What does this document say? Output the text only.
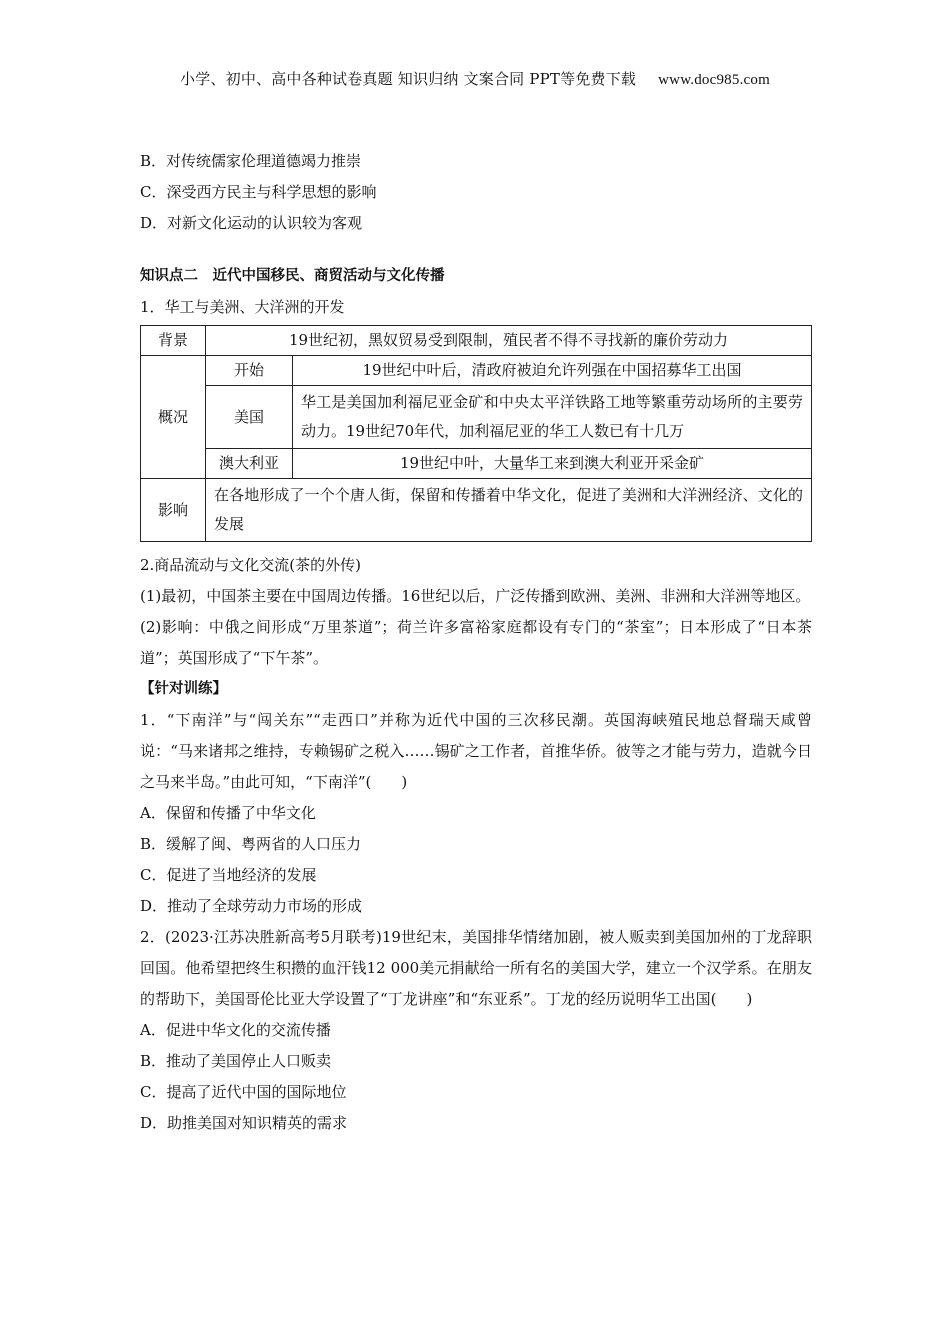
小学、初中、高中各种试卷真题 知识归纳 文案合同 PPT等免费下载 www.doc985.com
B．对传统儒家伦理道德竭力推崇
C．深受西方民主与科学思想的影响
D．对新文化运动的认识较为客观
知识点二　近代中国移民、商贸活动与文化传播
1．华工与美洲、大洋洲的开发
背景	19世纪初，黑奴贸易受到限制，殖民者不得不寻找新的廉价劳动力	
概况	开始	19世纪中叶后，清政府被迫允许列强在中国招募华工出国
	美国	华工是美国加利福尼亚金矿和中央太平洋铁路工地等繁重劳动场所的主要劳动力。19世纪70年代，加利福尼亚的华工人数已有十几万
	澳大利亚	19世纪中叶，大量华工来到澳大利亚开采金矿
影响	在各地形成了一个个唐人街，保留和传播着中华文化，促进了美洲和大洋洲经济、文化的发展	
2.商品流动与文化交流(茶的外传)
(1)最初，中国茶主要在中国周边传播。16世纪以后，广泛传播到欧洲、美洲、非洲和大洋洲等地区。
(2)影响：中俄之间形成“万里茶道”；荷兰许多富裕家庭都设有专门的“茶室”；日本形成了“日本茶道”；英国形成了“下午茶”。
【针对训练】
1．“下南洋”与“闯关东”“走西口”并称为近代中国的三次移民潮。英国海峡殖民地总督瑞天咸曾说：“马来诸邦之维持，专赖锡矿之税入……锡矿之工作者，首推华侨。彼等之才能与劳力，造就今日之马来半岛。”由此可知，“下南洋”(　　)
A．保留和传播了中华文化
B．缓解了闽、粤两省的人口压力
C．促进了当地经济的发展
D．推动了全球劳动力市场的形成
2．(2023·江苏决胜新高考5月联考)19世纪末，美国排华情绪加剧，被人贩卖到美国加州的丁龙辞职回国。他希望把终生积攒的血汗钱12 000美元捐献给一所有名的美国大学，建立一个汉学系。在朋友的帮助下，美国哥伦比亚大学设置了“丁龙讲座”和“东亚系”。丁龙的经历说明华工出国(　　)
A．促进中华文化的交流传播
B．推动了美国停止人口贩卖
C．提高了近代中国的国际地位
D．助推美国对知识精英的需求
